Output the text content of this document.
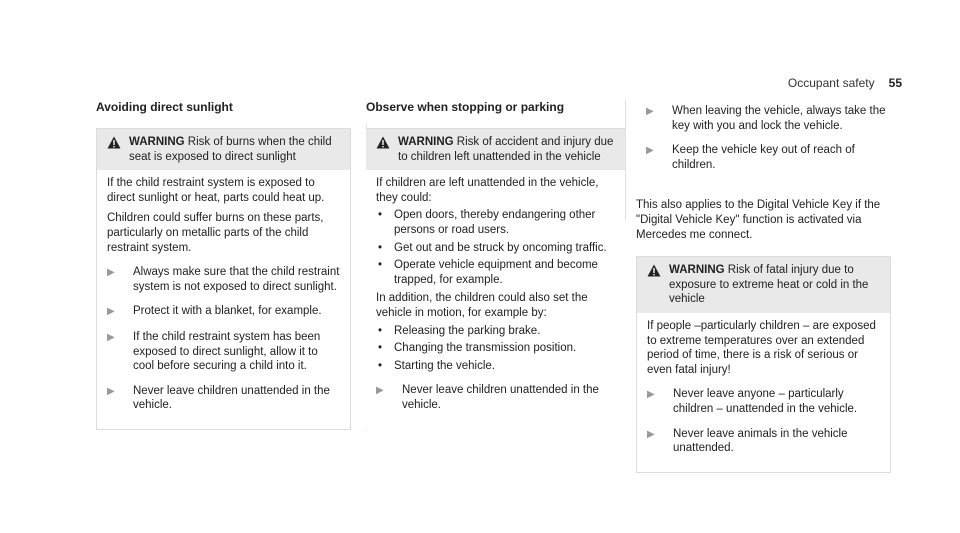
Occupant safety 55
Avoiding direct sunlight
WARNING Risk of burns when the child seat is exposed to direct sunlight

If the child restraint system is exposed to direct sunlight or heat, parts could heat up.

Children could suffer burns on these parts, particularly on metallic parts of the child restraint system.

▶	Always make sure that the child restraint system is not exposed to direct sunlight.
▶	Protect it with a blanket, for example.
▶	If the child restraint system has been exposed to direct sunlight, allow it to cool before securing a child into it.
▶	Never leave children unattended in the vehicle.
Observe when stopping or parking
WARNING Risk of accident and injury due to children left unattended in the vehicle

If children are left unattended in the vehicle, they could:

•	Open doors, thereby endangering other persons or road users.
•	Get out and be struck by oncoming traffic.
•	Operate vehicle equipment and become trapped, for example.

In addition, the children could also set the vehicle in motion, for example by:

•	Releasing the parking brake.
•	Changing the transmission position.
•	Starting the vehicle.
▶	Never leave children unattended in the vehicle.
▶	When leaving the vehicle, always take the key with you and lock the vehicle.
▶	Keep the vehicle key out of reach of children.

This also applies to the Digital Vehicle Key if the "Digital Vehicle Key" function is activated via Mercedes me connect.

WARNING Risk of fatal injury due to exposure to extreme heat or cold in the vehicle

If people –particularly children – are exposed to extreme temperatures over an extended period of time, there is a risk of serious or even fatal injury!

▶	Never leave anyone – particularly children – unattended in the vehicle.
▶	Never leave animals in the vehicle unattended.
